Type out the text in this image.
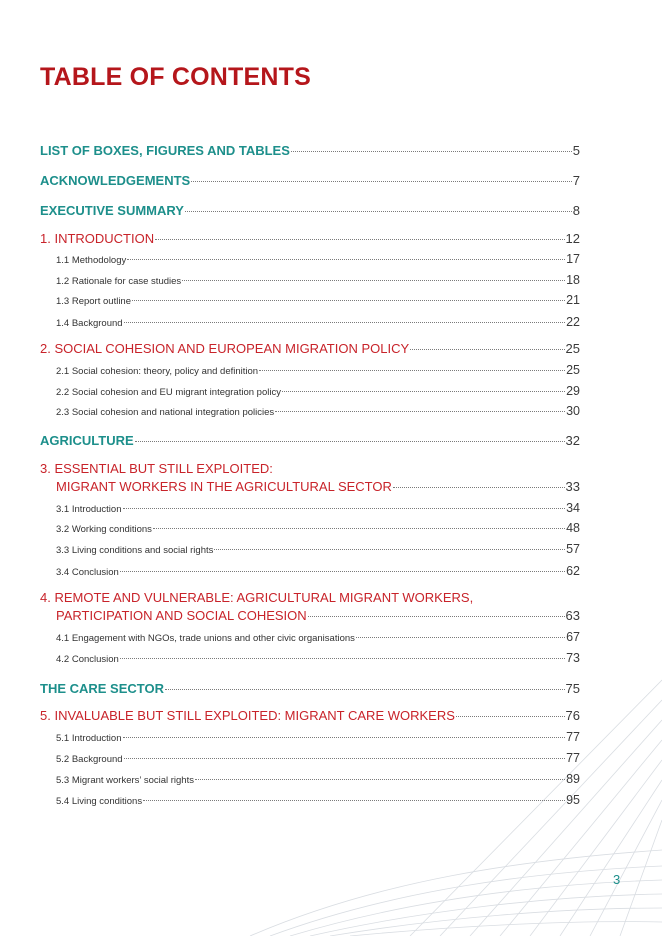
TABLE OF CONTENTS
LIST OF BOXES, FIGURES AND TABLES	5
ACKNOWLEDGEMENTS	7
EXECUTIVE SUMMARY	8
1. INTRODUCTION	12
1.1 Methodology	17
1.2 Rationale for case studies	18
1.3 Report outline	21
1.4 Background	22
2. SOCIAL COHESION AND EUROPEAN MIGRATION POLICY	25
2.1 Social cohesion: theory, policy and definition	25
2.2 Social cohesion and EU migrant integration policy	29
2.3 Social cohesion and national integration policies	30
AGRICULTURE	32
3. ESSENTIAL BUT STILL EXPLOITED:
MIGRANT WORKERS IN THE AGRICULTURAL SECTOR	33
3.1 Introduction	34
3.2 Working conditions	48
3.3 Living conditions and social rights	57
3.4 Conclusion	62
4. REMOTE AND VULNERABLE: AGRICULTURAL MIGRANT WORKERS,
PARTICIPATION AND SOCIAL COHESION	63
4.1 Engagement with NGOs, trade unions and other civic organisations	67
4.2 Conclusion	73
THE CARE SECTOR	75
5. INVALUABLE BUT STILL EXPLOITED: MIGRANT CARE WORKERS	76
5.1 Introduction	77
5.2 Background	77
5.3 Migrant workers’ social rights	89
5.4 Living conditions	95
3
